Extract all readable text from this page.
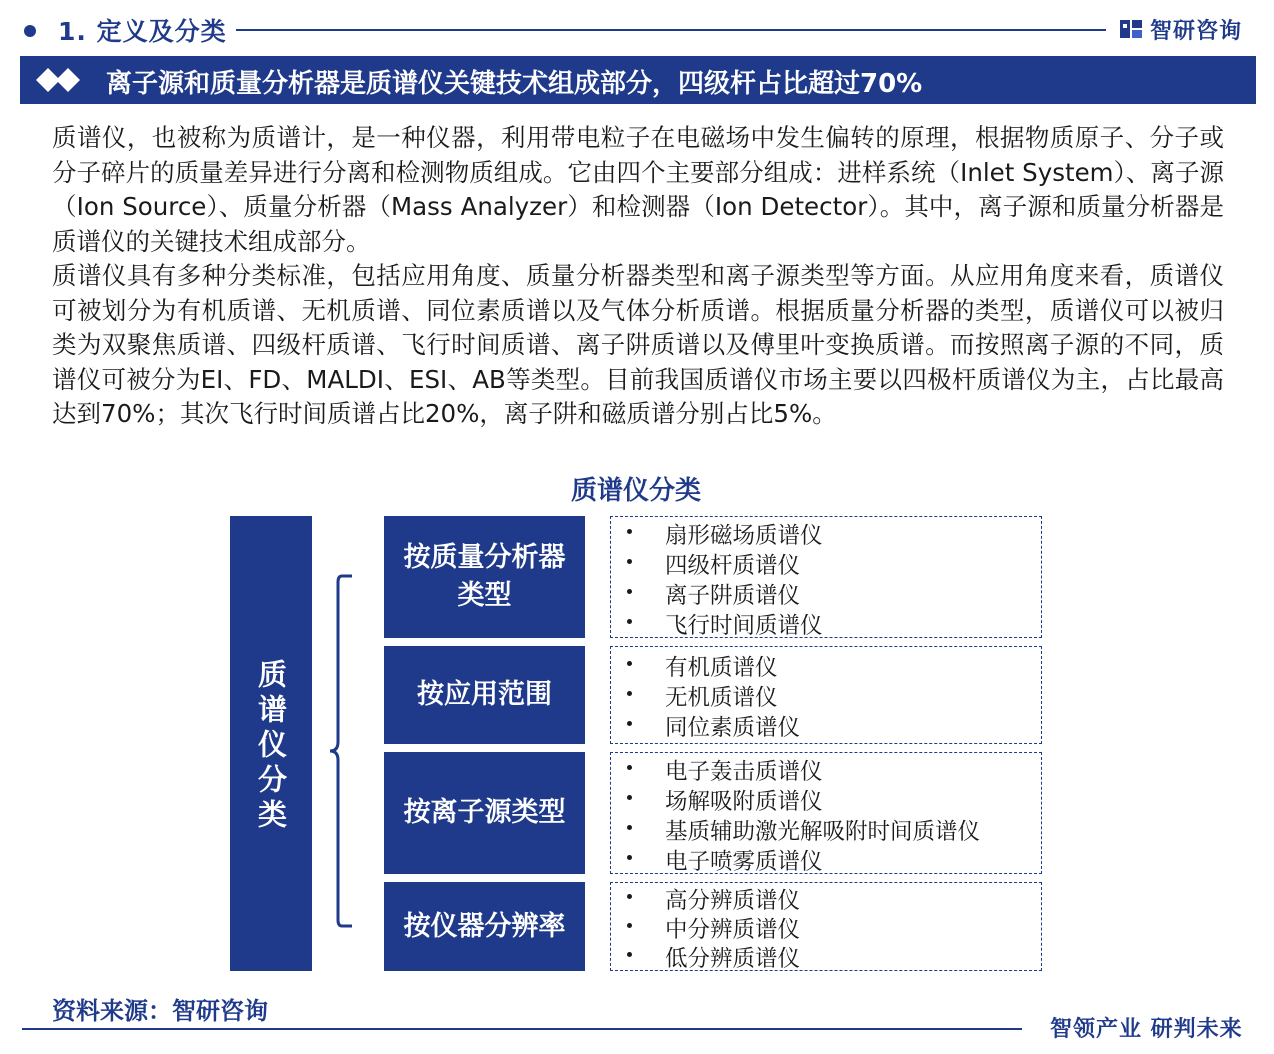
1. 定义及分类	智研咨询
离子源和质量分析器是质谱仪关键技术组成部分，四级杆占比超过70%

质谱仪，也被称为质谱计，是一种仪器，利用带电粒子在电磁场中发生偏转的原理，根据物质原子、分子或分子碎片的质量差异进行分离和检测物质组成。它由四个主要部分组成：进样系统（Inlet System）、离子源（Ion Source）、质量分析器（Mass Analyzer）和检测器（Ion Detector）。其中，离子源和质量分析器是质谱仪的关键技术组成部分。

质谱仪具有多种分类标准，包括应用角度、质量分析器类型和离子源类型等方面。从应用角度来看，质谱仪可被划分为有机质谱、无机质谱、同位素质谱以及气体分析质谱。根据质量分析器的类型，质谱仪可以被归类为双聚焦质谱、四级杆质谱、飞行时间质谱、离子阱质谱以及傅里叶变换质谱。而按照离子源的不同，质谱仪可被分为EI、FD、MALDI、ESI、AB等类型。目前我国质谱仪市场主要以四极杆质谱仪为主，占比最高达到70%；其次飞行时间质谱占比20%，离子阱和磁质谱分别占比5%。

质谱仪分类
质谱仪分类
按质量分析器类型
按应用范围
按离子源类型
按仪器分辨率
扇形磁场质谱仪
四级杆质谱仪
离子阱质谱仪
飞行时间质谱仪
有机质谱仪
无机质谱仪
同位素质谱仪
电子轰击质谱仪
场解吸附质谱仪
基质辅助激光解吸附时间质谱仪
电子喷雾质谱仪
高分辨质谱仪
中分辨质谱仪
低分辨质谱仪
资料来源：智研咨询
智领产业 研判未来
